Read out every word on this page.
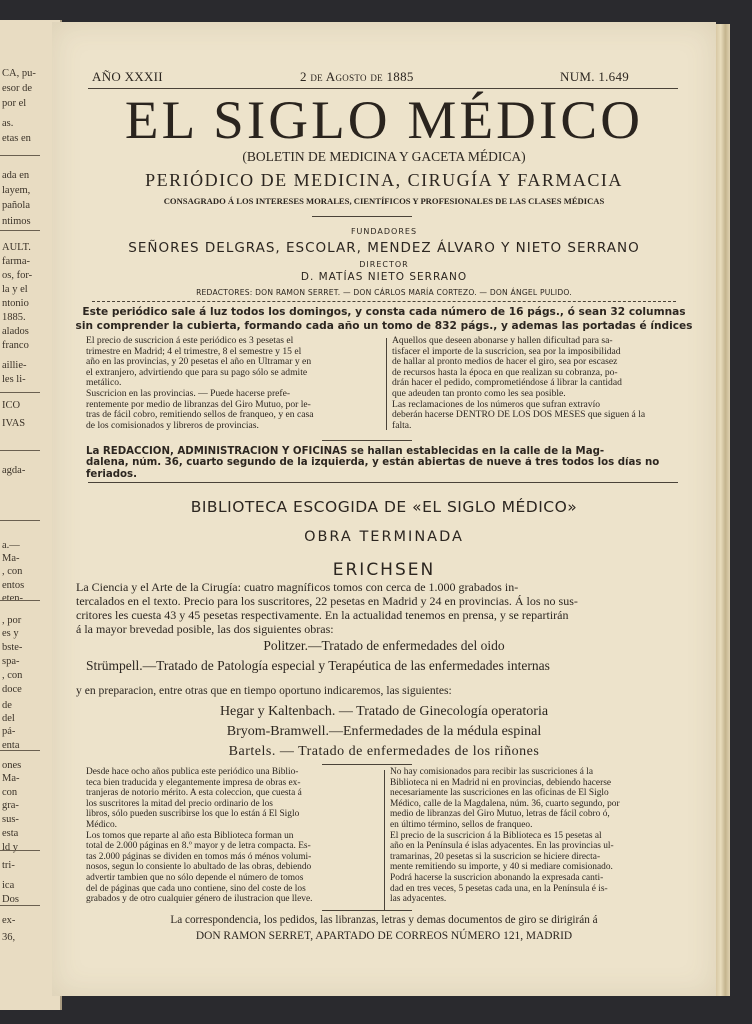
CA, pu-
esor de
por el
as.
etas en
ada en
layem,
pañola
ntimos
AULT.
farma-
os, for-
la y el
ntonio
1885.
alados
franco
aillie-
les li-
ICO
IVAS
agda-
a.—
Ma-
, con
entos
eten-
, por
es y
bste-
spa-
, con
doce
de
del
pá-
enta
ones
Ma-
con
gra-
sus-
esta
ld y
tri-
ica
Dos
ex-
36,
AÑO XXXII	2 de Agosto de 1885	NUM. 1.649
EL SIGLO MÉDICO
(BOLETIN DE MEDICINA Y GACETA MÉDICA)
PERIÓDICO DE MEDICINA, CIRUGÍA Y FARMACIA
CONSAGRADO Á LOS INTERESES MORALES, CIENTÍFICOS Y PROFESIONALES DE LAS CLASES MÉDICAS
FUNDADORES
SEÑORES DELGRAS, ESCOLAR, MENDEZ ÁLVARO Y NIETO SERRANO
DIRECTOR
D. MATÍAS NIETO SERRANO
REDACTORES: DON RAMON SERRET. — DON CÁRLOS MARÍA CORTEZO. — DON ÁNGEL PULIDO.
Este periódico sale á luz todos los domingos, y consta cada número de 16 págs., ó sean 32 columnas
sin comprender la cubierta, formando cada año un tomo de 832 págs., y ademas las portadas é índices
El precio de suscricion á este periódico es 3 pesetas el
trimestre en Madrid; 4 el trimestre, 8 el semestre y 15 el
año en las provincias, y 20 pesetas el año en Ultramar y en
el extranjero, advirtiendo que para su pago sólo se admite
metálico.
Suscricion en las provincias. — Puede hacerse prefe-
rentemente por medio de libranzas del Giro Mutuo, por le-
tras de fácil cobro, remitiendo sellos de franqueo, y en casa
de los comisionados y libreros de provincias.
Aquellos que deseen abonarse y hallen dificultad para sa-
tisfacer el importe de la suscricion, sea por la imposibilidad
de hallar al pronto medios de hacer el giro, sea por escasez
de recursos hasta la época en que realizan su cobranza, po-
drán hacer el pedido, comprometiéndose á librar la cantidad
que adeuden tan pronto como les sea posible.
Las reclamaciones de los números que sufran extravío
deberán hacerse DENTRO DE LOS DOS MESES que siguen á la
falta.
La REDACCION, ADMINISTRACION Y OFICINAS se hallan establecidas en la calle de la Mag-
dalena, núm. 36, cuarto segundo de la izquierda, y están abiertas de nueve á tres todos los días no
feriados.
BIBLIOTECA ESCOGIDA DE «EL SIGLO MÉDICO»
OBRA TERMINADA
ERICHSEN
La Ciencia y el Arte de la Cirugía: cuatro magníficos tomos con cerca de 1.000 grabados in-
tercalados en el texto. Precio para los suscritores, 22 pesetas en Madrid y 24 en provincias. Á los no sus-
critores les cuesta 43 y 45 pesetas respectivamente. En la actualidad tenemos en prensa, y se repartirán
á la mayor brevedad posible, las dos siguientes obras:
Politzer.—Tratado de enfermedades del oido
Strümpell.—Tratado de Patología especial y Terapéutica de las enfermedades internas
y en preparacion, entre otras que en tiempo oportuno indicaremos, las siguientes:
Hegar y Kaltenbach. — Tratado de Ginecología operatoria
Bryom-Bramwell.—Enfermedades de la médula espinal
Bartels. — Tratado de enfermedades de los riñones
Desde hace ocho años publica este periódico una Biblio-
teca bien traducida y elegantemente impresa de obras ex-
tranjeras de notorio mérito. A esta coleccion, que cuesta á
los suscritores la mitad del precio ordinario de los
libros, sólo pueden suscribirse los que lo están á El Siglo
Médico.
Los tomos que reparte al año esta Biblioteca forman un
total de 2.000 páginas en 8.º mayor y de letra compacta. Es-
tas 2.000 páginas se dividen en tomos más ó ménos volumi-
nosos, segun lo consiente lo abultado de las obras, debiendo
advertir tambien que no sólo depende el número de tomos
del de páginas que cada uno contiene, sino del coste de los
grabados y de otro cualquier género de ilustracion que lleve.
No hay comisionados para recibir las suscriciones á la
Biblioteca ni en Madrid ni en provincias, debiendo hacerse
necesariamente las suscriciones en las oficinas de El Siglo
Médico, calle de la Magdalena, núm. 36, cuarto segundo, por
medio de libranzas del Giro Mutuo, letras de fácil cobro ó,
en último término, sellos de franqueo.
El precio de la suscricion á la Biblioteca es 15 pesetas al
año en la Península é islas adyacentes. En las provincias ul-
tramarinas, 20 pesetas si la suscricion se hiciere directa-
mente remitiendo su importe, y 40 si mediare comisionado.
Podrá hacerse la suscricion abonando la expresada canti-
dad en tres veces, 5 pesetas cada una, en la Península é is-
las adyacentes.
La correspondencia, los pedidos, las libranzas, letras y demas documentos de giro se dirigirán á
DON RAMON SERRET, APARTADO DE CORREOS NÚMERO 121, MADRID
